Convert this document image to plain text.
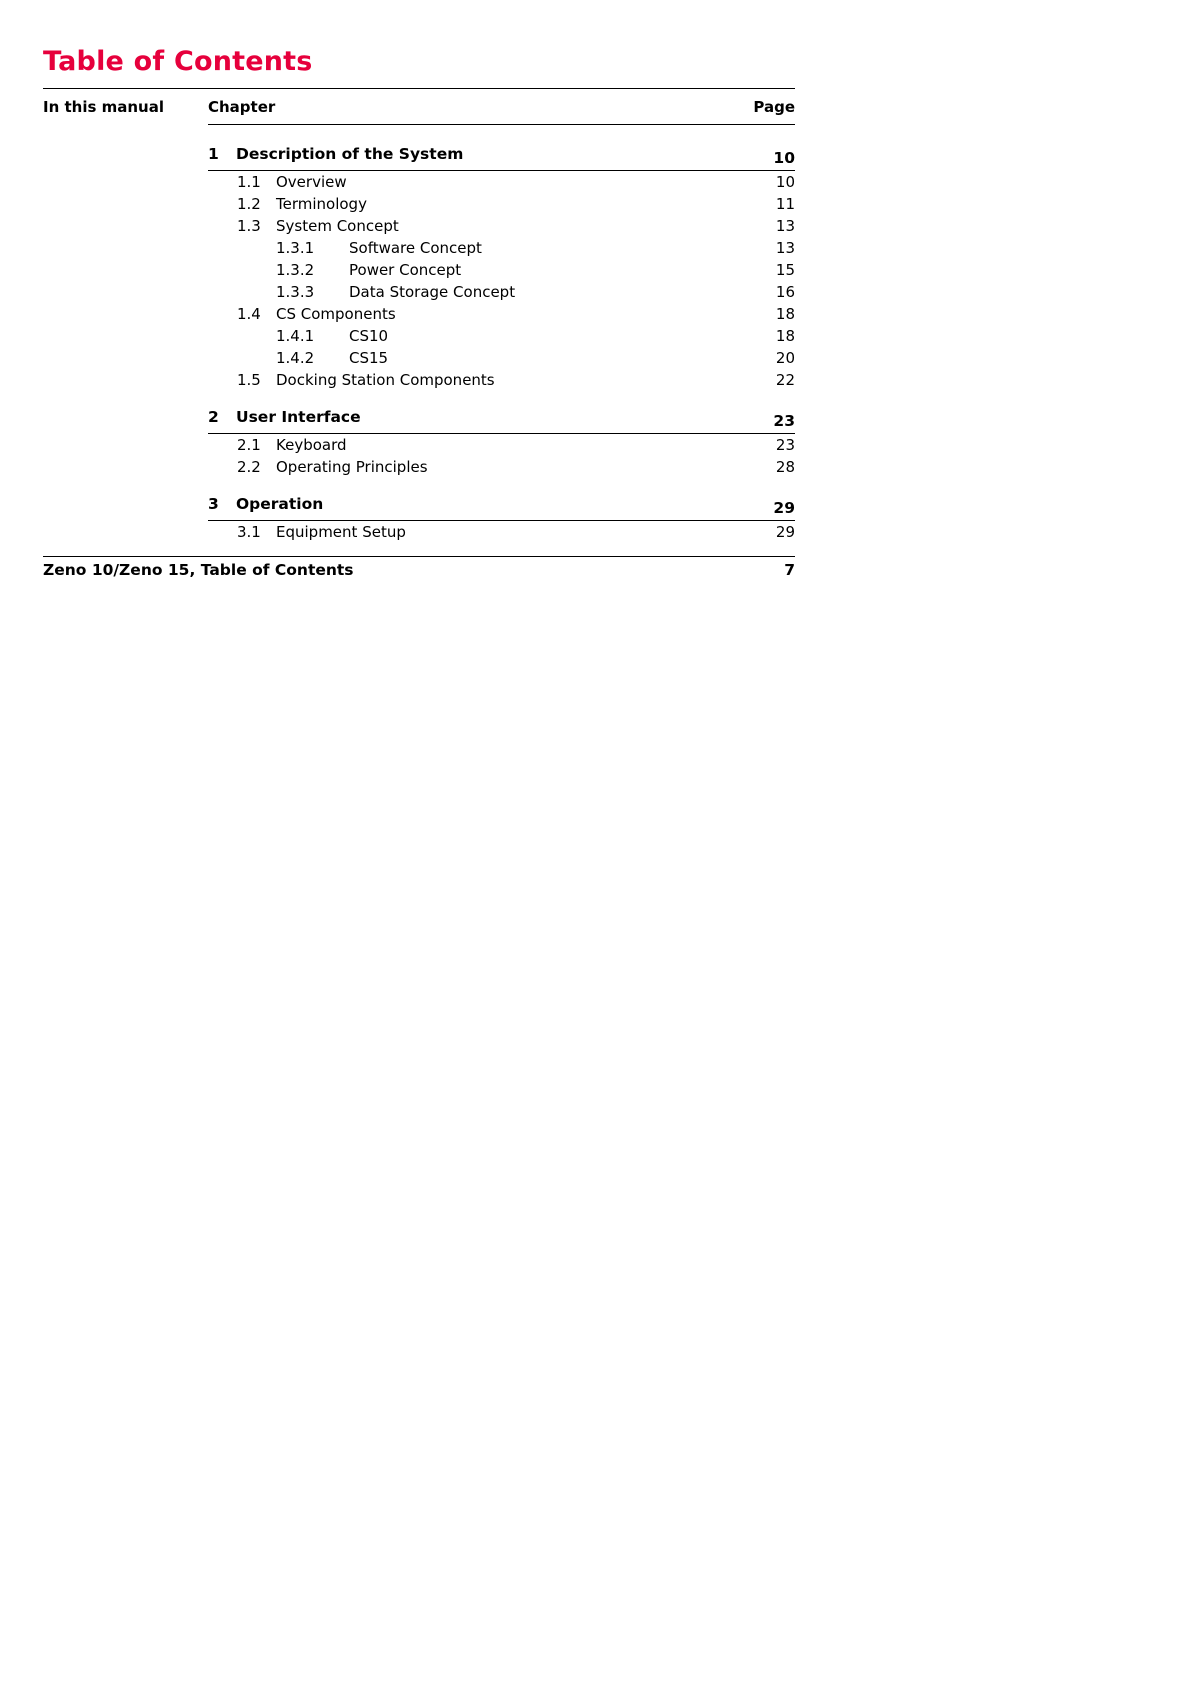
Table of Contents
In this manual	Chapter	Page
1 Description of the System	10
1.1 Overview	10
1.2 Terminology	11
1.3 System Concept	13
1.3.1 Software Concept	13
1.3.2 Power Concept	15
1.3.3 Data Storage Concept	16
1.4 CS Components	18
1.4.1 CS10	18
1.4.2 CS15	20
1.5 Docking Station Components	22
2 User Interface	23
2.1 Keyboard	23
2.2 Operating Principles	28
3 Operation	29
3.1 Equipment Setup	29
Zeno 10/Zeno 15, Table of Contents	7
